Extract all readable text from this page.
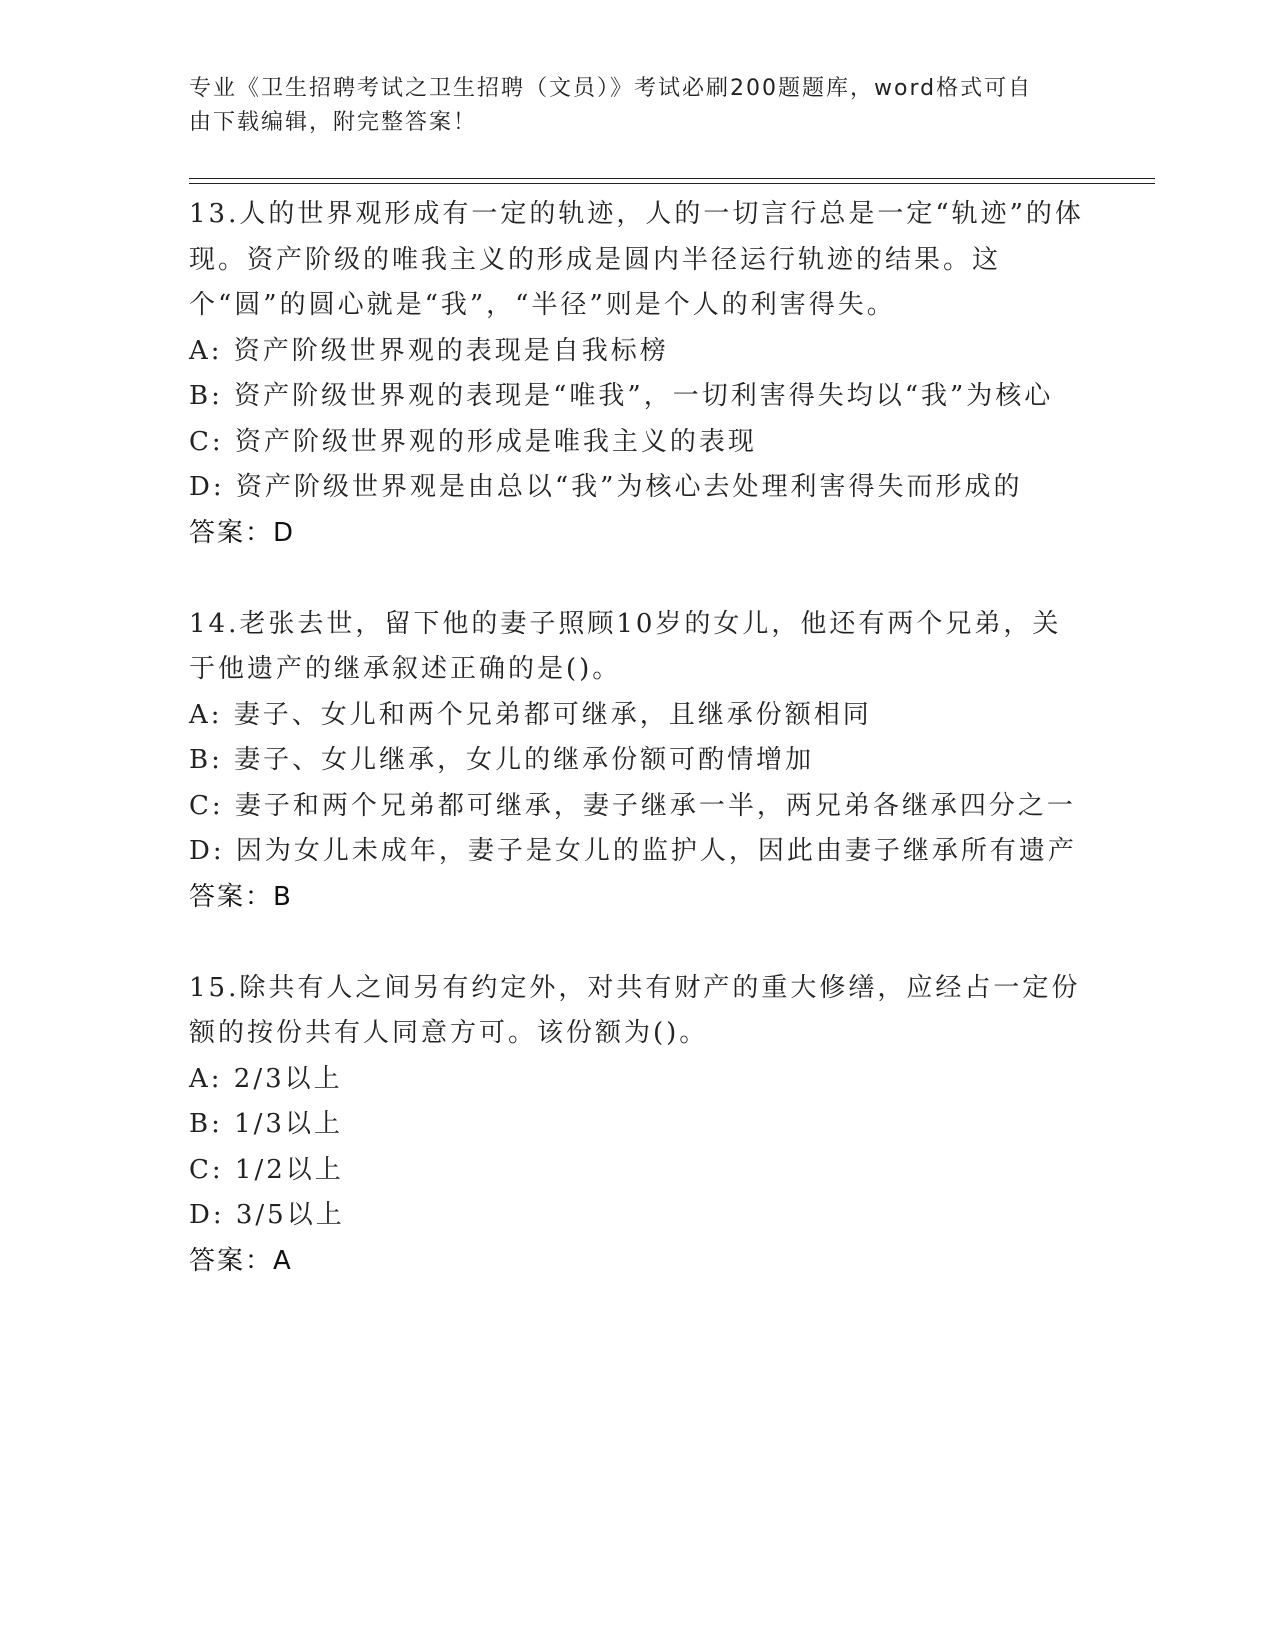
专业《卫生招聘考试之卫生招聘（文员）》考试必刷200题题库，word格式可自
由下载编辑，附完整答案！
13.人的世界观形成有一定的轨迹，人的一切言行总是一定“轨迹”的体现。资产阶级的唯我主义的形成是圆内半径运行轨迹的结果。这个“圆”的圆心就是“我”，“半径”则是个人的利害得失。
A: 资产阶级世界观的表现是自我标榜
B: 资产阶级世界观的表现是“唯我”，一切利害得失均以“我”为核心
C: 资产阶级世界观的形成是唯我主义的表现
D: 资产阶级世界观是由总以“我”为核心去处理利害得失而形成的
答案：D
14.老张去世，留下他的妻子照顾10岁的女儿，他还有两个兄弟，关于他遗产的继承叙述正确的是()。
A: 妻子、女儿和两个兄弟都可继承，且继承份额相同
B: 妻子、女儿继承，女儿的继承份额可酌情增加
C: 妻子和两个兄弟都可继承，妻子继承一半，两兄弟各继承四分之一
D: 因为女儿未成年，妻子是女儿的监护人，因此由妻子继承所有遗产
答案：B
15.除共有人之间另有约定外，对共有财产的重大修缮，应经占一定份额的按份共有人同意方可。该份额为()。
A: 2/3以上
B: 1/3以上
C: 1/2以上
D: 3/5以上
答案：A
